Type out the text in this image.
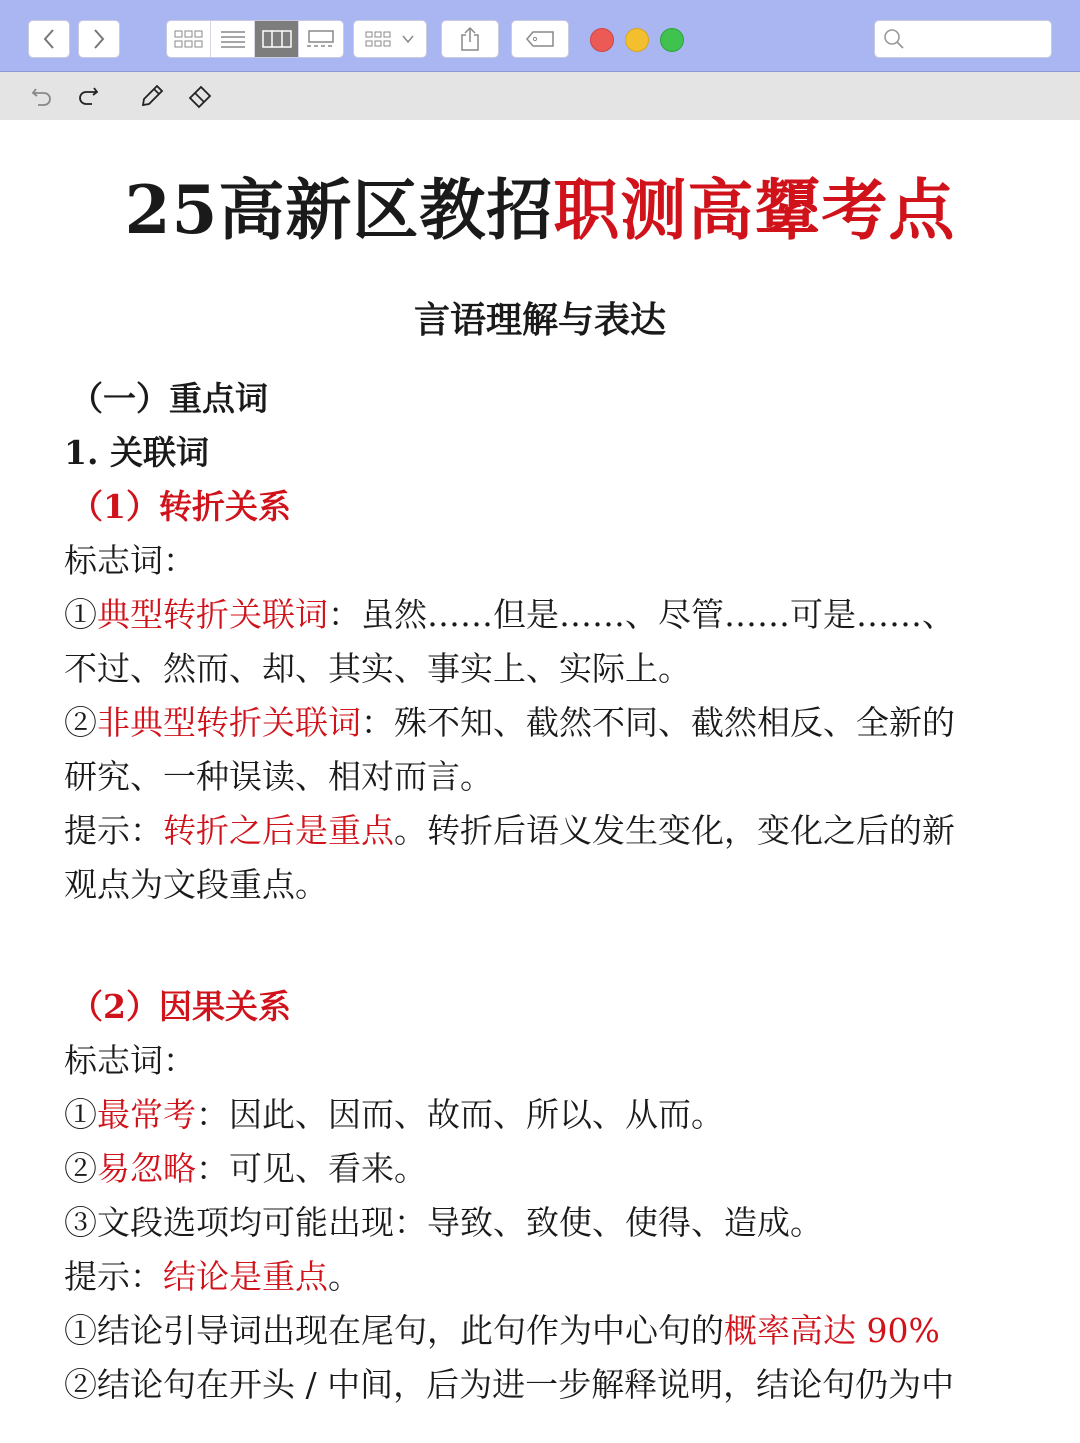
25高新区教招职测高顰考点
言语理解与表达
（一）重点词
1. 关联词
（1）转折关系
标志词：
①典型转折关联词：虽然……但是……、尽管……可是……、
不过、然而、却、其实、事实上、实际上。
②非典型转折关联词：殊不知、截然不同、截然相反、全新的
研究、一种误读、相对而言。
提示：转折之后是重点。转折后语义发生变化，变化之后的新
观点为文段重点。
（2）因果关系
标志词：
①最常考：因此、因而、故而、所以、从而。
②易忽略：可见、看来。
③文段选项均可能出现：导致、致使、使得、造成。
提示：结论是重点。
①结论引导词出现在尾句，此句作为中心句的概率高达 90%
②结论句在开头 / 中间，后为进一步解释说明，结论句仍为中
